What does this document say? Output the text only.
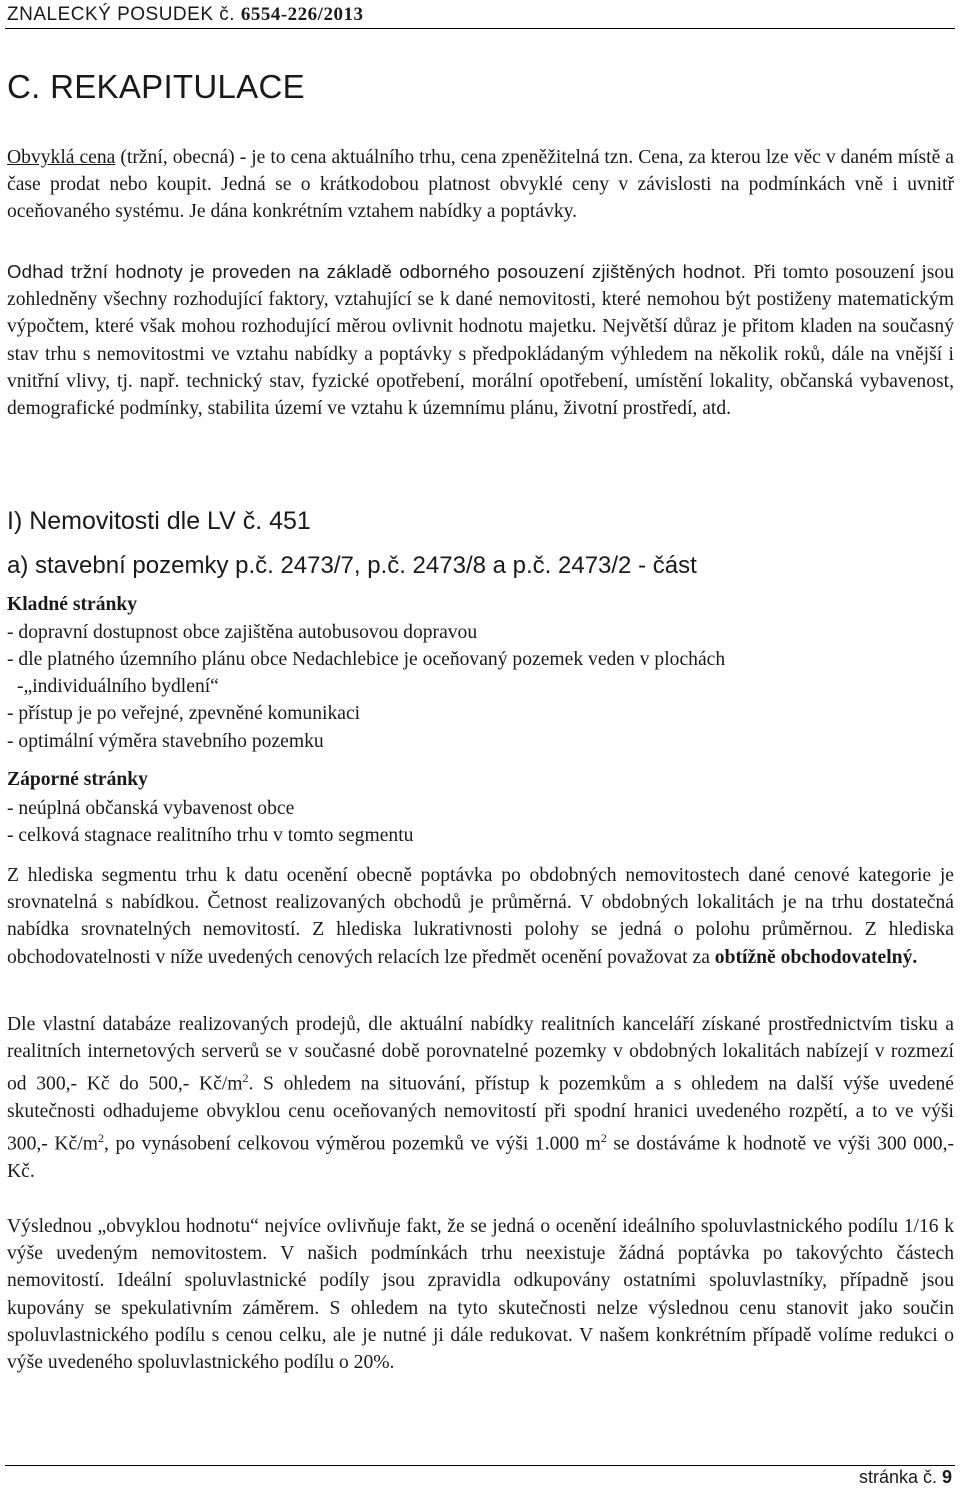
ZNALECKÝ POSUDEK č. 6554-226/2013
C. REKAPITULACE

Obvyklá cena (tržní, obecná) - je to cena aktuálního trhu, cena zpeněžitelná tzn. Cena, za kterou lze věc v daném místě a čase prodat nebo koupit. Jedná se o krátkodobou platnost obvyklé ceny v závislosti na podmínkách vně i uvnitř oceňovaného systému. Je dána konkrétním vztahem nabídky a poptávky.

Odhad tržní hodnoty je proveden na základě odborného posouzení zjištěných hodnot. Při tomto posouzení jsou zohledněny všechny rozhodující faktory, vztahující se k dané nemovitosti, které nemohou být postiženy matematickým výpočtem, které však mohou rozhodující měrou ovlivnit hodnotu majetku. Největší důraz je přitom kladen na současný stav trhu s nemovitostmi ve vztahu nabídky a poptávky s předpokládaným výhledem na několik roků, dále na vnější i vnitřní vlivy, tj. např. technický stav, fyzické opotřebení, morální opotřebení, umístění lokality, občanská vybavenost, demografické podmínky, stabilita území ve vztahu k územnímu plánu, životní prostředí, atd.

I) Nemovitosti dle LV č. 451
a) stavební pozemky p.č. 2473/7, p.č. 2473/8 a p.č. 2473/2 - část
Kladné stránky
- dopravní dostupnost obce zajištěna autobusovou dopravou
- dle platného územního plánu obce Nedachlebice je oceňovaný pozemek veden v plochách
-„individuálního bydlení“
- přístup je po veřejné, zpevněné komunikaci
- optimální výměra stavebního pozemku
Záporné stránky
- neúplná občanská vybavenost obce
- celková stagnace realitního trhu v tomto segmentu

Z hlediska segmentu trhu k datu ocenění obecně poptávka po obdobných nemovitostech dané cenové kategorie je srovnatelná s nabídkou. Četnost realizovaných obchodů je průměrná. V obdobných lokalitách je na trhu dostatečná nabídka srovnatelných nemovitostí. Z hlediska lukrativnosti polohy se jedná o polohu průměrnou. Z hlediska obchodovatelnosti v níže uvedených cenových relacích lze předmět ocenění považovat za obtížně obchodovatelný.

Dle vlastní databáze realizovaných prodejů, dle aktuální nabídky realitních kanceláří získané prostřednictvím tisku a realitních internetových serverů se v současné době porovnatelné pozemky v obdobných lokalitách nabízejí v rozmezí od 300,- Kč do 500,- $Kč/m^2$. S ohledem na situování, přístup k pozemkům a s ohledem na další výše uvedené skutečnosti odhadujeme obvyklou cenu oceňovaných nemovitostí při spodní hranici uvedeného rozpětí, a to ve výši 300,- $Kč/m^2$, po vynásobení celkovou výměrou pozemků ve výši 1.000 $m^2$ se dostáváme k hodnotě ve výši 300 000,- Kč.

Výslednou „obvyklou hodnotu“ nejvíce ovlivňuje fakt, že se jedná o ocenění ideálního spoluvlastnického podílu 1/16 k výše uvedeným nemovitostem. V našich podmínkách trhu neexistuje žádná poptávka po takovýchto částech nemovitostí. Ideální spoluvlastnické podíly jsou zpravidla odkupovány ostatními spoluvlastníky, případně jsou kupovány se spekulativním záměrem. S ohledem na tyto skutečnosti nelze výslednou cenu stanovit jako součin spoluvlastnického podílu s cenou celku, ale je nutné ji dále redukovat. V našem konkrétním případě volíme redukci o výše uvedeného spoluvlastnického podílu o 20%.

stránka č. 9
